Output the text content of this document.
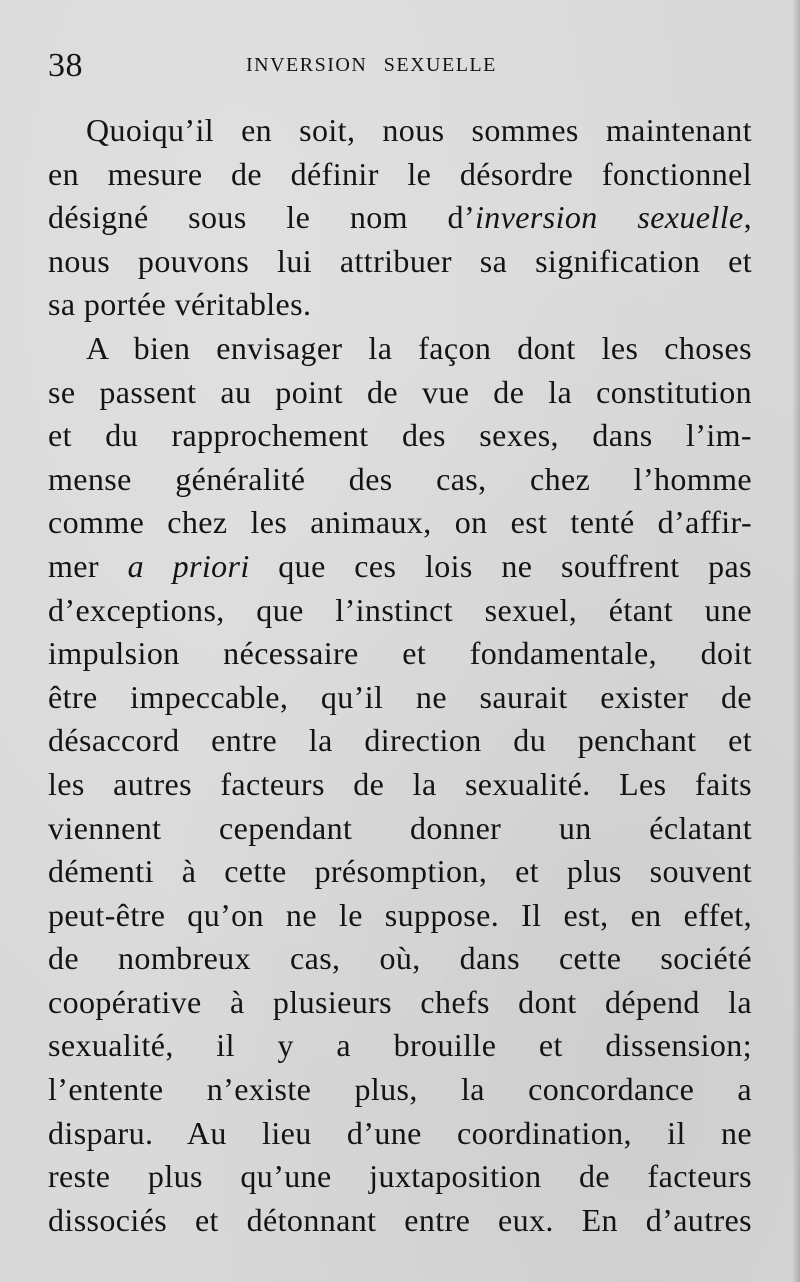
38	INVERSION SEXUELLE
Quoiqu’il en soit, nous sommes maintenant
en mesure de définir le désordre fonctionnel
désigné sous le nom d’inversion sexuelle,
nous pouvons lui attribuer sa signification et
sa portée véritables.
A bien envisager la façon dont les choses
se passent au point de vue de la constitution
et du rapprochement des sexes, dans l’im-
mense généralité des cas, chez l’homme
comme chez les animaux, on est tenté d’affir-
mer a priori que ces lois ne souffrent pas
d’exceptions, que l’instinct sexuel, étant une
impulsion nécessaire et fondamentale, doit
être impeccable, qu’il ne saurait exister de
désaccord entre la direction du penchant et
les autres facteurs de la sexualité. Les faits
viennent cependant donner un éclatant
démenti à cette présomption, et plus souvent
peut-être qu’on ne le suppose. Il est, en effet,
de nombreux cas, où, dans cette société
coopérative à plusieurs chefs dont dépend la
sexualité, il y a brouille et dissension;
l’entente n’existe plus, la concordance a
disparu. Au lieu d’une coordination, il ne
reste plus qu’une juxtaposition de facteurs
dissociés et détonnant entre eux. En d’autres
